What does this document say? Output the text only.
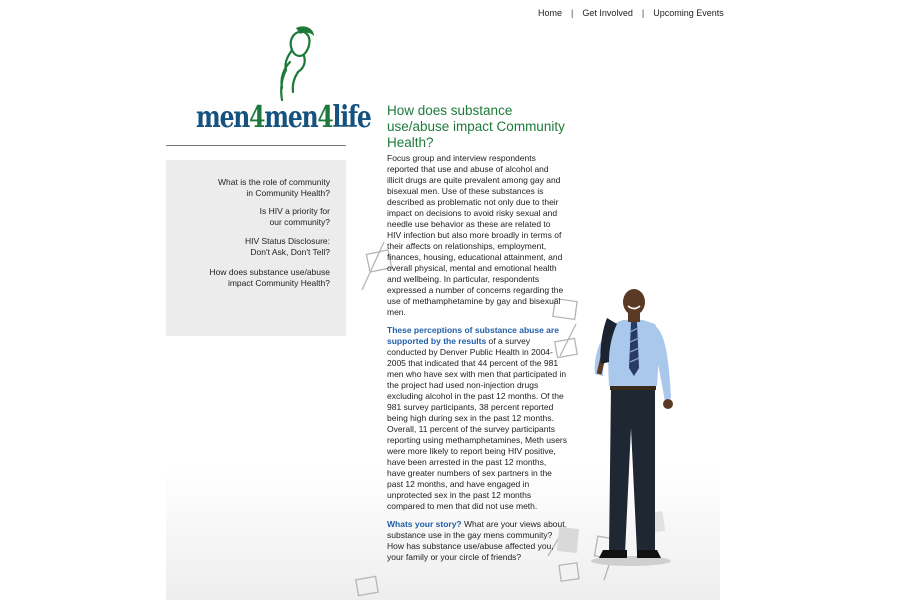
Home | Get Involved | Upcoming Events
men4men4life
What is the role of community
in Community Health?
Is HIV a priority for
our community?
HIV Status Disclosure:
Don't Ask, Don't Tell?
How does substance use/abuse
impact Community Health?
How does substance use/abuse impact Community Health?

Focus group and interview respondents reported that use and abuse of alcohol and illicit drugs are quite prevalent among gay and bisexual men. Use of these substances is described as problematic not only due to their impact on decisions to avoid risky sexual and needle use behavior as these are related to HIV infection but also more broadly in terms of their affects on relationships, employment, finances, housing, educational attainment, and overall physical, mental and emotional health and wellbeing. In particular, respondents expressed a number of concerns regarding the use of methamphetamine by gay and bisexual men.

These perceptions of substance abuse are supported by the results of a survey conducted by Denver Public Health in 2004-2005 that indicated that 44 percent of the 981 men who have sex with men that participated in the project had used non-injection drugs excluding alcohol in the past 12 months. Of the 981 survey participants, 38 percent reported being high during sex in the past 12 months. Overall, 11 percent of the survey participants reporting using methamphetamines, Meth users were more likely to report being HIV positive, have been arrested in the past 12 months, have greater numbers of sex partners in the past 12 months, and have engaged in unprotected sex in the past 12 months compared to men that did not use meth.

Whats your story? What are your views about substance use in the gay mens community? How has substance use/abuse affected you, your family or your circle of friends?
